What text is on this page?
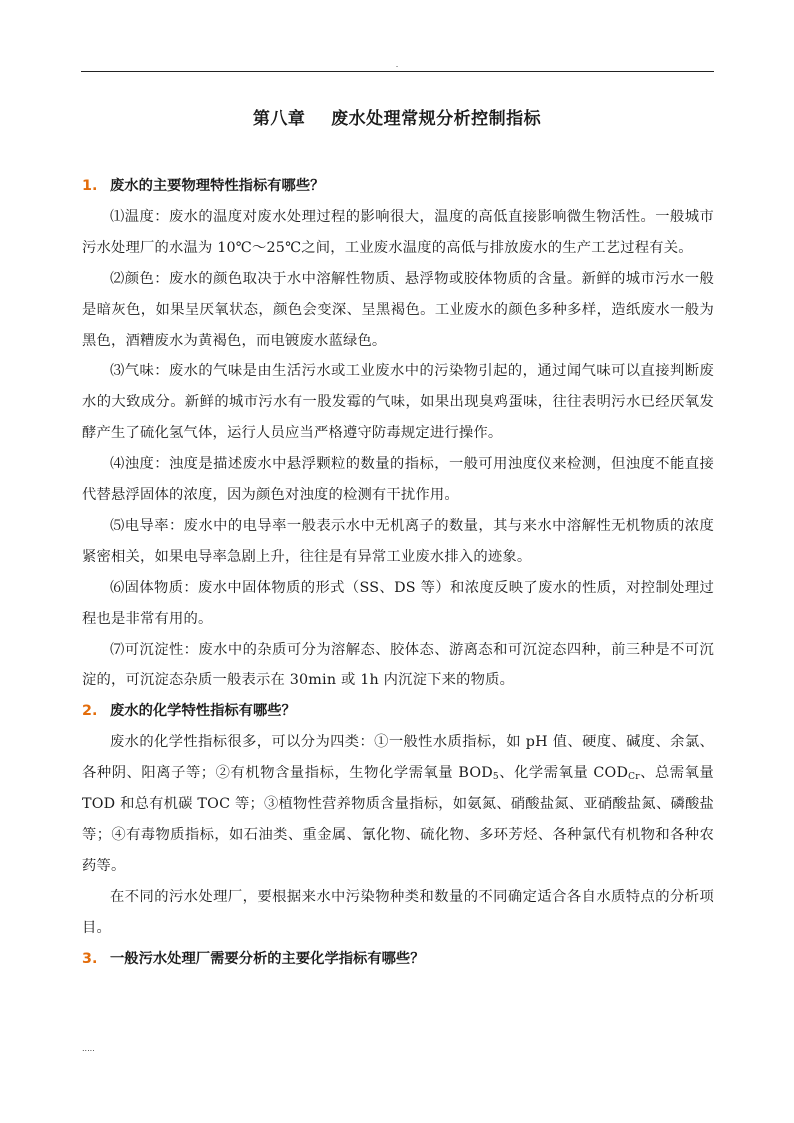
.
第八章    废水处理常规分析控制指标
1. 废水的主要物理特性指标有哪些？

⑴温度：废水的温度对废水处理过程的影响很大，温度的高低直接影响微生物活性。一般城市污水处理厂的水温为 10℃～25℃之间，工业废水温度的高低与排放废水的生产工艺过程有关。

⑵颜色：废水的颜色取决于水中溶解性物质、悬浮物或胶体物质的含量。新鲜的城市污水一般是暗灰色，如果呈厌氧状态，颜色会变深、呈黑褐色。工业废水的颜色多种多样，造纸废水一般为黑色，酒糟废水为黄褐色，而电镀废水蓝绿色。

⑶气味：废水的气味是由生活污水或工业废水中的污染物引起的，通过闻气味可以直接判断废水的大致成分。新鲜的城市污水有一股发霉的气味，如果出现臭鸡蛋味，往往表明污水已经厌氧发酵产生了硫化氢气体，运行人员应当严格遵守防毒规定进行操作。

⑷浊度：浊度是描述废水中悬浮颗粒的数量的指标，一般可用浊度仪来检测，但浊度不能直接代替悬浮固体的浓度，因为颜色对浊度的检测有干扰作用。

⑸电导率：废水中的电导率一般表示水中无机离子的数量，其与来水中溶解性无机物质的浓度紧密相关，如果电导率急剧上升，往往是有异常工业废水排入的迹象。

⑹固体物质：废水中固体物质的形式（SS、DS 等）和浓度反映了废水的性质，对控制处理过程也是非常有用的。

⑺可沉淀性：废水中的杂质可分为溶解态、胶体态、游离态和可沉淀态四种，前三种是不可沉淀的，可沉淀态杂质一般表示在 30min 或 1h 内沉淀下来的物质。

2. 废水的化学特性指标有哪些？

废水的化学性指标很多，可以分为四类：①一般性水质指标，如 pH 值、硬度、碱度、余氯、各种阴、阳离子等；②有机物含量指标，生物化学需氧量 $BOD_5$、化学需氧量 $COD_{Cr}$、总需氧量 TOD 和总有机碳 TOC 等；③植物性营养物质含量指标，如氨氮、硝酸盐氮、亚硝酸盐氮、磷酸盐等；④有毒物质指标，如石油类、重金属、氰化物、硫化物、多环芳烃、各种氯代有机物和各种农药等。

在不同的污水处理厂，要根据来水中污染物种类和数量的不同确定适合各自水质特点的分析项目。

3. 一般污水处理厂需要分析的主要化学指标有哪些？
.....
